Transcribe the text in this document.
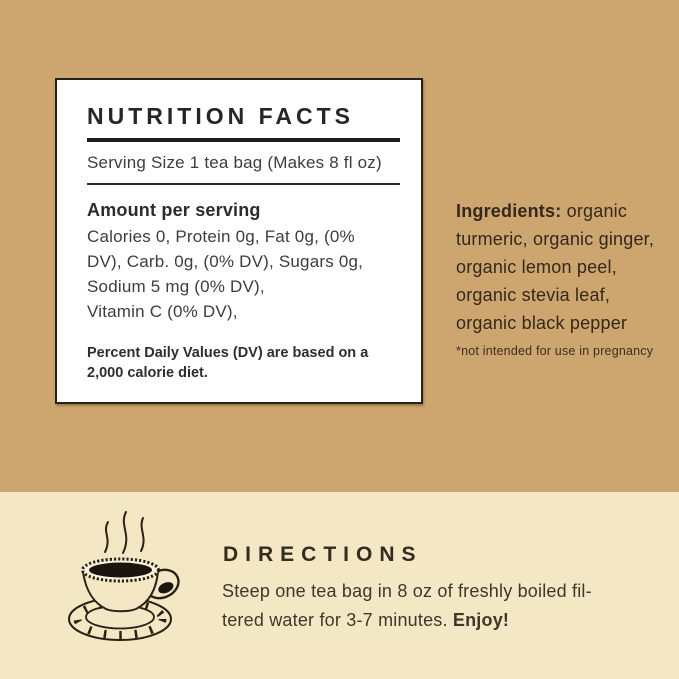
NUTRITION FACTS
Serving Size 1 tea bag (Makes 8 fl oz)
Amount per serving
Calories 0, Protein 0g, Fat 0g, (0%
DV), Carb. 0g, (0% DV), Sugars 0g,
Sodium 5 mg (0% DV),
Vitamin C (0% DV),
Percent Daily Values (DV) are based on a
2,000 calorie diet.
Ingredients: organic
turmeric, organic ginger,
organic lemon peel,
organic stevia leaf,
organic black pepper
*not intended for use in pregnancy
DIRECTIONS
Steep one tea bag in 8 oz of freshly boiled fil-
tered water for 3-7 minutes. Enjoy!
